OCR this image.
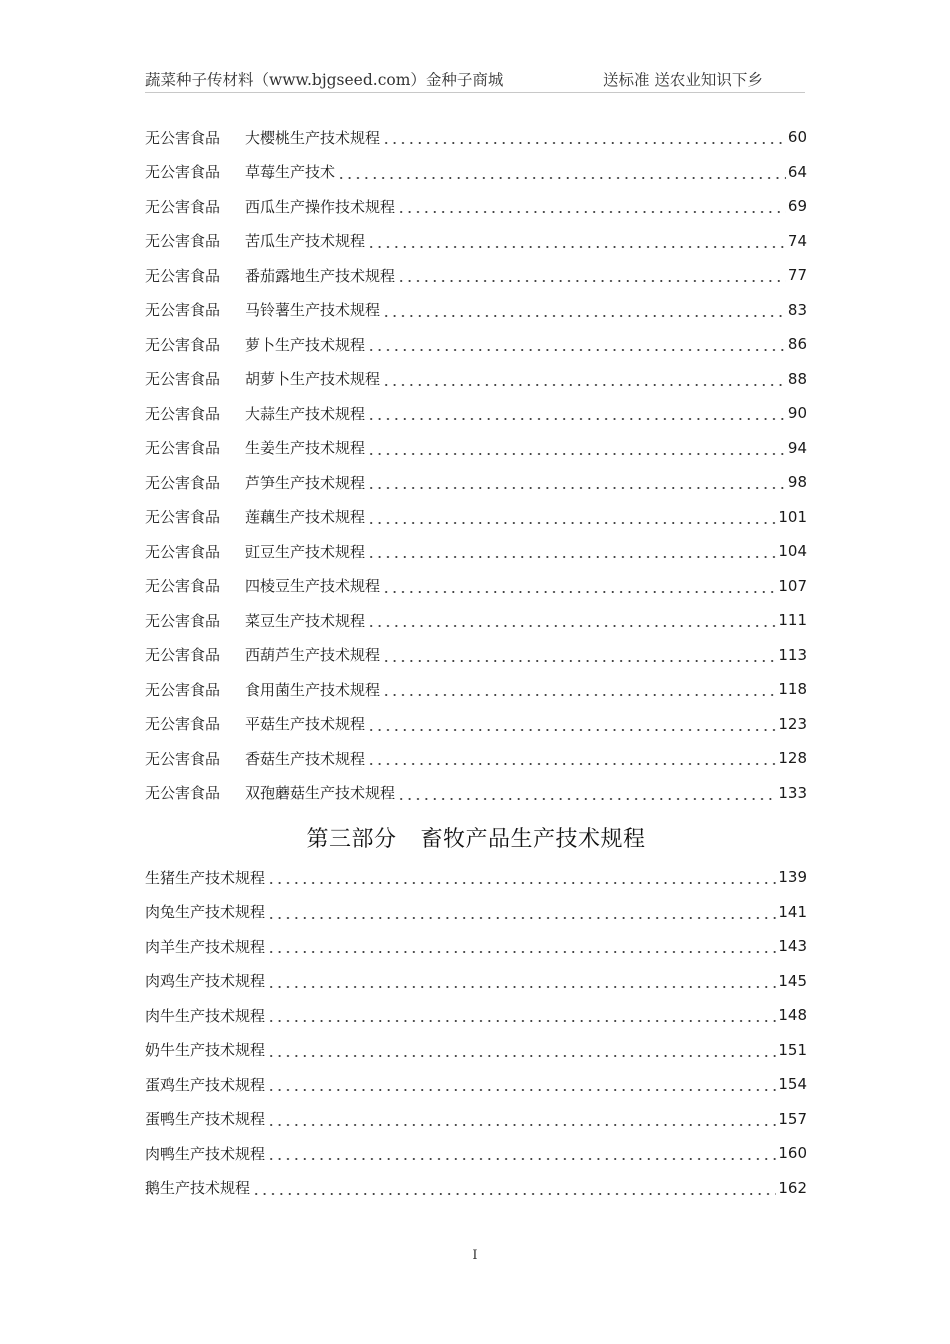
蔬菜种子传材料（www.bjgseed.com）金种子商城	送标准 送农业知识下乡
无公害食品	大樱桃生产技术规程	60
无公害食品	草莓生产技术	64
无公害食品	西瓜生产操作技术规程	69
无公害食品	苦瓜生产技术规程	74
无公害食品	番茄露地生产技术规程	77
无公害食品	马铃薯生产技术规程	83
无公害食品	萝卜生产技术规程	86
无公害食品	胡萝卜生产技术规程	88
无公害食品	大蒜生产技术规程	90
无公害食品	生姜生产技术规程	94
无公害食品	芦笋生产技术规程	98
无公害食品	莲藕生产技术规程	101
无公害食品	豇豆生产技术规程	104
无公害食品	四棱豆生产技术规程	107
无公害食品	菜豆生产技术规程	111
无公害食品	西葫芦生产技术规程	113
无公害食品	食用菌生产技术规程	118
无公害食品	平菇生产技术规程	123
无公害食品	香菇生产技术规程	128
无公害食品	双孢蘑菇生产技术规程	133
第三部分 畜牧产品生产技术规程
生猪生产技术规程	139
肉兔生产技术规程	141
肉羊生产技术规程	143
肉鸡生产技术规程	145
肉牛生产技术规程	148
奶牛生产技术规程	151
蛋鸡生产技术规程	154
蛋鸭生产技术规程	157
肉鸭生产技术规程	160
鹅生产技术规程	162
I
